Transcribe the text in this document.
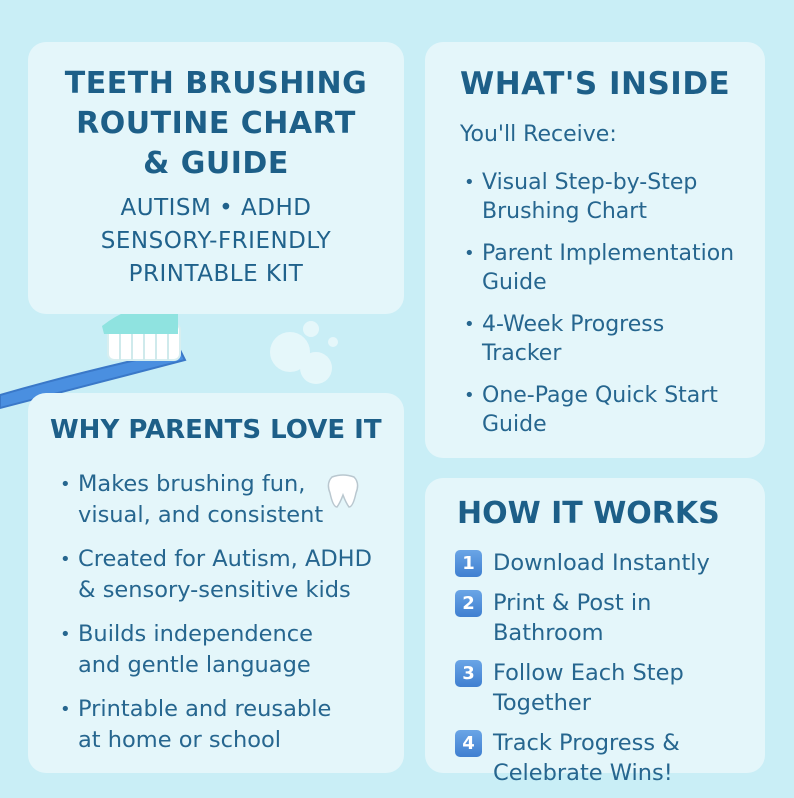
TEETH BRUSHING
ROUTINE CHART
& GUIDE
AUTISM • ADHD
SENSORY-FRIENDLY
PRINTABLE KIT
WHAT'S INSIDE
You'll Receive:
• Visual Step-by-Step
Brushing Chart
• Parent Implementation
Guide
• 4-Week Progress
Tracker
• One-Page Quick Start
Guide
WHY PARENTS LOVE IT
• Makes brushing fun,
visual, and consistent
• Created for Autism, ADHD
& sensory-sensitive kids
• Builds independence
and gentle language
• Printable and reusable
at home or school
HOW IT WORKS
1 Download Instantly
2 Print & Post in Bathroom
3 Follow Each Step
Together
4 Track Progress &
Celebrate Wins!
